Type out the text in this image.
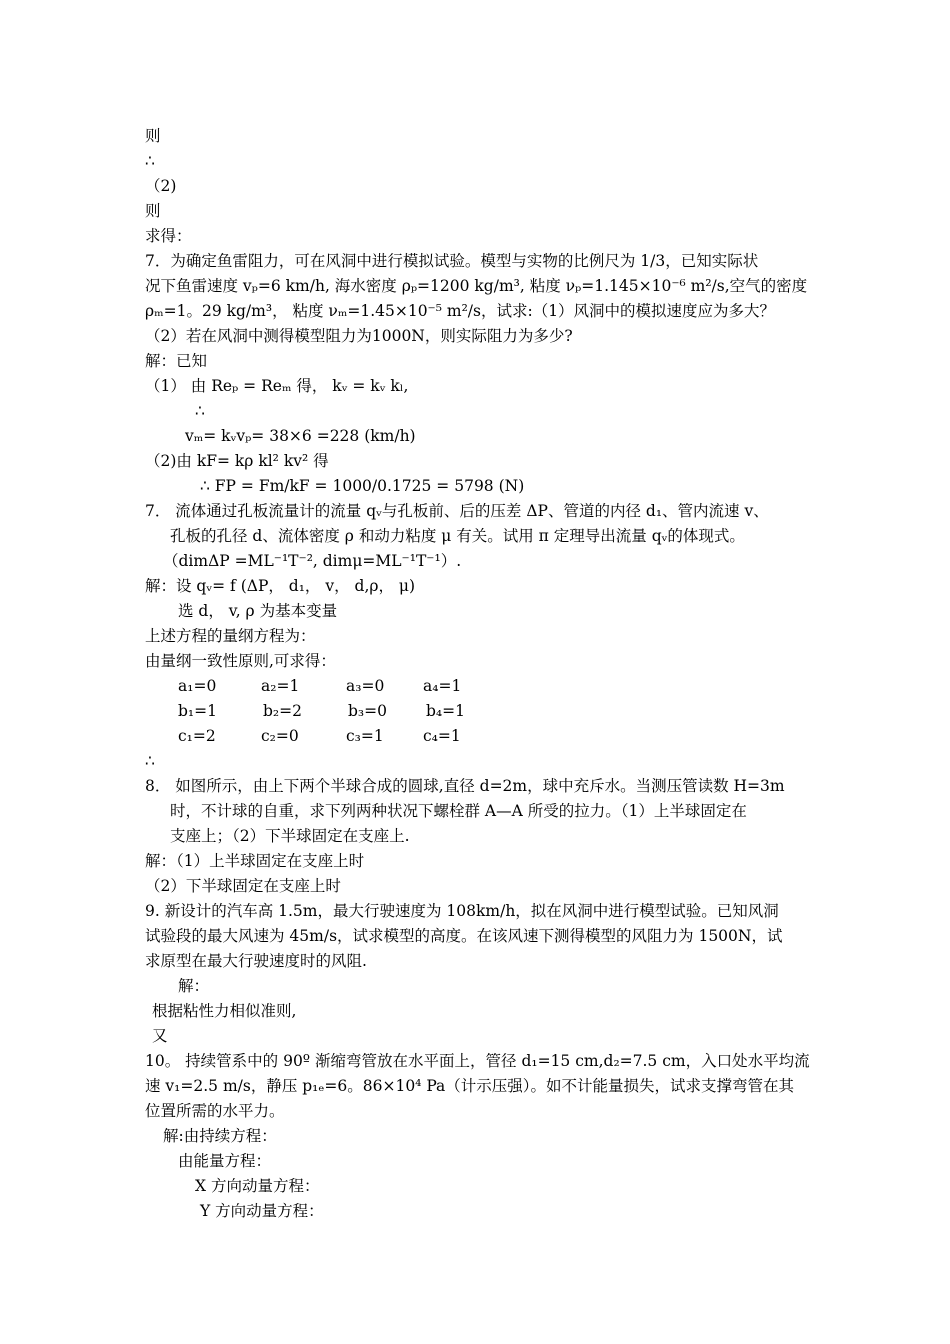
则
∴
（2)
则
求得：
7．为确定鱼雷阻力，可在风洞中进行模拟试验。模型与实物的比例尺为 1/3，已知实际状
况下鱼雷速度 vₚ=6 km/h, 海水密度 ρₚ=1200 kg/m³, 粘度 νₚ=1.145×10⁻⁶ m²/s,空气的密度
ρₘ=1。29 kg/m³， 粘度 νₘ=1.45×10⁻⁵ m²/s，试求:（1）风洞中的模拟速度应为多大？
（2）若在风洞中测得模型阻力为1000N，则实际阻力为多少?
解：已知
（1） 由 Reₚ = Reₘ 得， kᵥ = kᵥ kₗ,
∴
vₘ= kᵥvₚ= 38×6 =228 (km/h)
（2)由 kF= kρ kl² kv² 得
∴ FP = Fm/kF = 1000/0.1725 = 5798 (N)
7． 流体通过孔板流量计的流量 qᵥ与孔板前、后的压差 ΔP、管道的内径 d₁、管内流速 v、
孔板的孔径 d、流体密度 ρ 和动力粘度 μ 有关。试用 π 定理导出流量 qᵥ的体现式。
（dimΔP =ML⁻¹T⁻², dimμ=ML⁻¹T⁻¹）.
解：设 qᵥ= f (ΔP， d₁， v， d,ρ， μ)
选 d， v, ρ 为基本变量
上述方程的量纲方程为：
由量纲一致性原则,可求得：
a₁=0	a₂=1	a₃=0 a₄=1
b₁=1	b₂=2	b₃=0	b₄=1
c₁=2	c₂=0	c₃=1	c₄=1
∴
8． 如图所示，由上下两个半球合成的圆球,直径 d=2m，球中充斥水。当测压管读数 H=3m
时，不计球的自重，求下列两种状况下螺栓群 A—A 所受的拉力。（1）上半球固定在
支座上；（2）下半球固定在支座上.
解：（1）上半球固定在支座上时
（2）下半球固定在支座上时
9. 新设计的汽车高 1.5m，最大行驶速度为 108km/h，拟在风洞中进行模型试验。已知风洞
试验段的最大风速为 45m/s，试求模型的高度。在该风速下测得模型的风阻力为 1500N，试
求原型在最大行驶速度时的风阻.
解：
根据粘性力相似准则,
又
10。 持续管系中的 90º 渐缩弯管放在水平面上，管径 d₁=15 cm,d₂=7.5 cm，入口处水平均流
速 v₁=2.5 m/s，静压 p₁ₑ=6。86×10⁴ Pa（计示压强）。如不计能量损失，试求支撑弯管在其
位置所需的水平力。
解:由持续方程：
由能量方程：
X 方向动量方程：
Y 方向动量方程：
